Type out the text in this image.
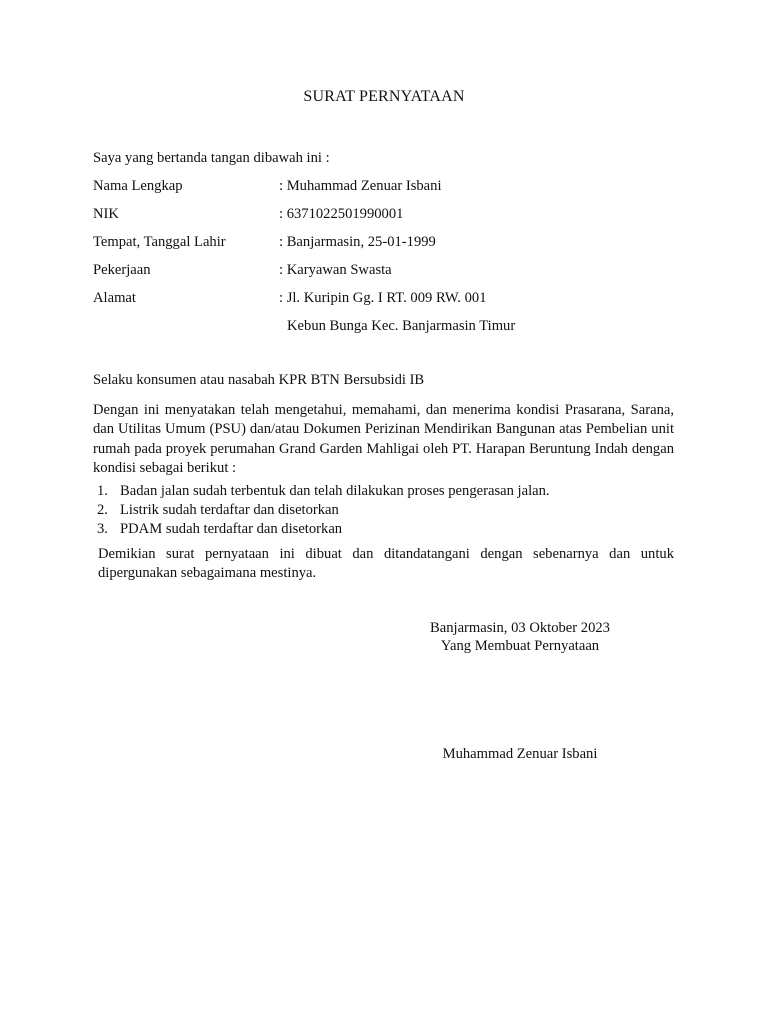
SURAT PERNYATAAN
Saya yang bertanda tangan dibawah ini :
Nama Lengkap	: Muhammad Zenuar Isbani
NIK	: 6371022501990001
Tempat, Tanggal Lahir	: Banjarmasin, 25-01-1999
Pekerjaan	: Karyawan Swasta
Alamat	: Jl. Kuripin Gg. I RT. 009 RW. 001
Kebun Bunga Kec. Banjarmasin Timur
Selaku konsumen atau nasabah KPR BTN Bersubsidi IB
Dengan ini menyatakan telah mengetahui, memahami, dan menerima kondisi Prasarana, Sarana, dan Utilitas Umum (PSU) dan/atau Dokumen Perizinan Mendirikan Bangunan atas Pembelian unit rumah pada proyek perumahan Grand Garden Mahligai oleh PT. Harapan Beruntung Indah dengan kondisi sebagai berikut :
1. Badan jalan sudah terbentuk dan telah dilakukan proses pengerasan jalan.
2. Listrik sudah terdaftar dan disetorkan
3. PDAM sudah terdaftar dan disetorkan
Demikian surat pernyataan ini dibuat dan ditandatangani dengan sebenarnya dan untuk dipergunakan sebagaimana mestinya.
Banjarmasin, 03 Oktober 2023
Yang Membuat Pernyataan
Muhammad Zenuar Isbani
